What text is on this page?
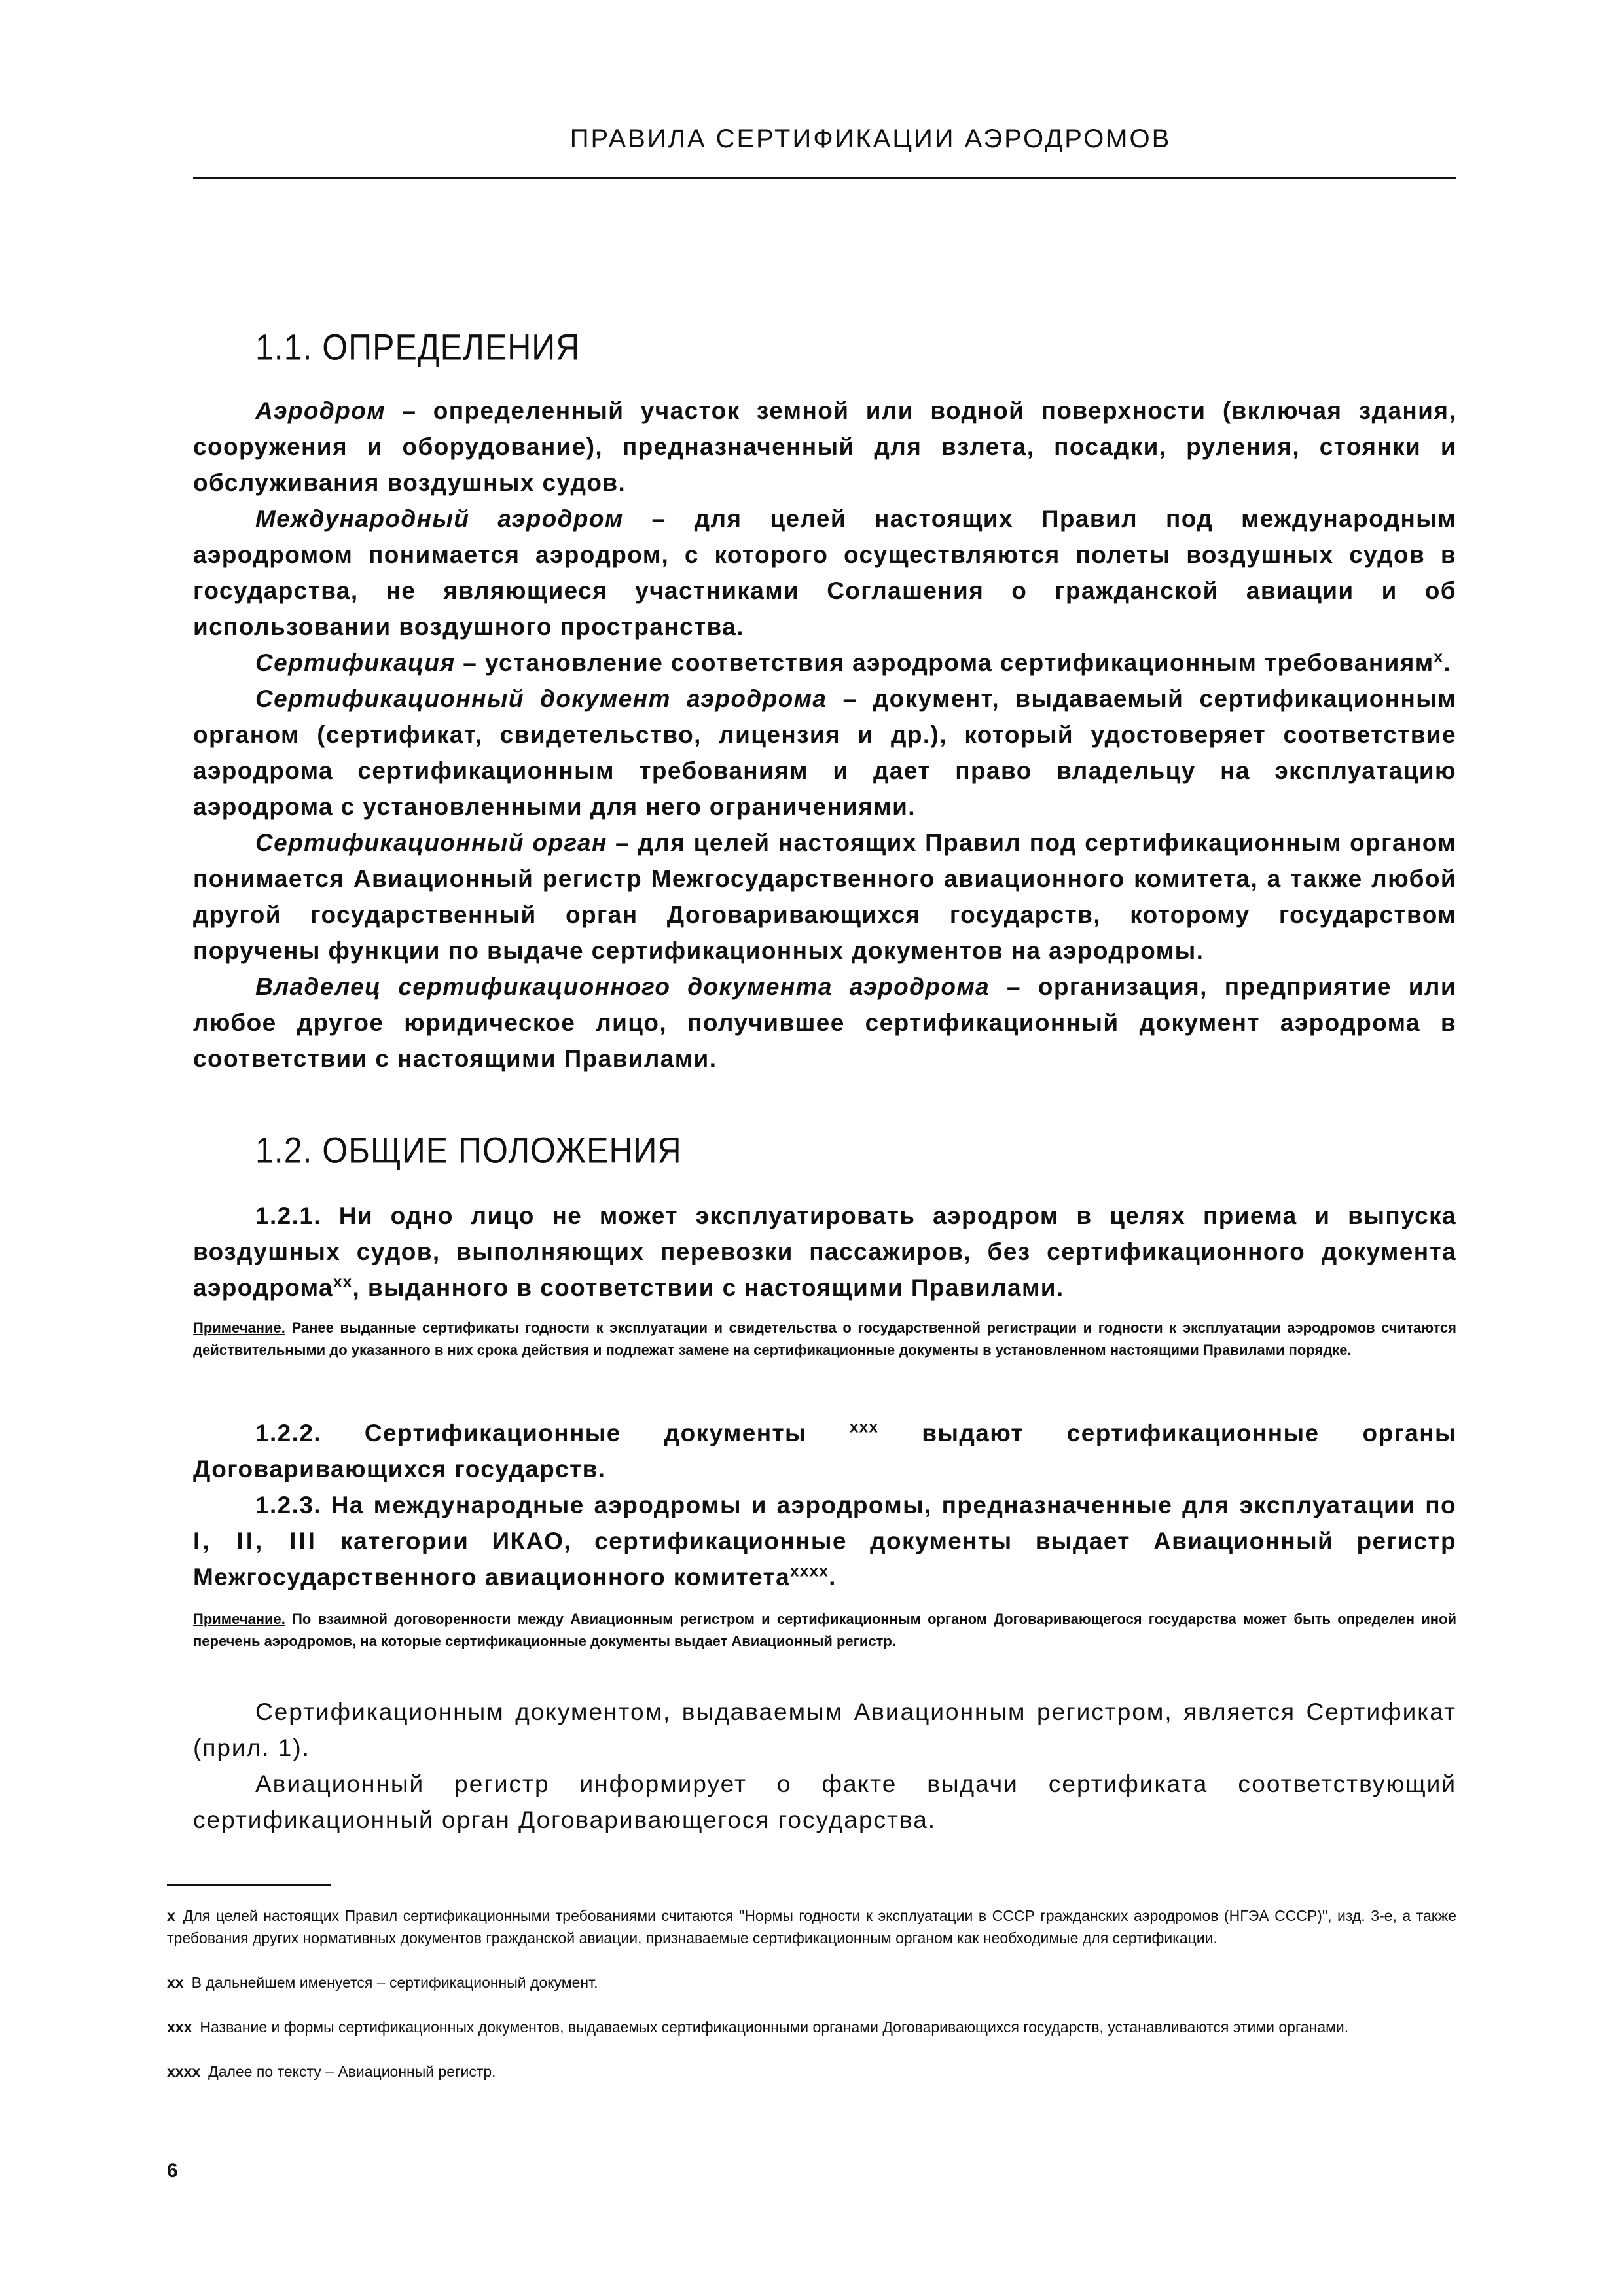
ПРАВИЛА СЕРТИФИКАЦИИ АЭРОДРОМОВ
1.1. ОПРЕДЕЛЕНИЯ

Аэродром – определенный участок земной или водной поверхности (включая здания, сооружения и оборудование), предназначенный для взлета, посадки, руления, стоянки и обслуживания воздушных судов.

Международный аэродром – для целей настоящих Правил под международным аэродромом понимается аэродром, с которого осуществляются полеты воздушных судов в государства, не являющиеся участниками Соглашения о гражданской авиации и об использовании воздушного пространства.

Сертификация – установление соответствия аэродрома сертификационным требованиям$^x$.

Сертификационный документ аэродрома – документ, выдаваемый сертификационным органом (сертификат, свидетельство, лицензия и др.), который удостоверяет соответствие аэродрома сертификационным требованиям и дает право владельцу на эксплуатацию аэродрома с установленными для него ограничениями.

Сертификационный орган – для целей настоящих Правил под сертификационным органом понимается Авиационный регистр Межгосударственного авиационного комитета, а также любой другой государственный орган Договаривающихся государств, которому государством поручены функции по выдаче сертификационных документов на аэродромы.

Владелец сертификационного документа аэродрома – организация, предприятие или любое другое юридическое лицо, получившее сертификационный документ аэродрома в соответствии с настоящими Правилами.

1.2. ОБЩИЕ ПОЛОЖЕНИЯ

1.2.1. Ни одно лицо не может эксплуатировать аэродром в целях приема и выпуска воздушных судов, выполняющих перевозки пассажиров, без сертификационного документа аэродрома$^{xx}$, выданного в соответствии с настоящими Правилами.

Примечание. Ранее выданные сертификаты годности к эксплуатации и свидетельства о государственной регистрации и годности к эксплуатации аэродромов считаются действительными до указанного в них срока действия и подлежат замене на сертификационные документы в установленном настоящими Правилами порядке.

1.2.2. Сертификационные документы	$^{xxx}$ выдают сертификационные органы Договаривающихся государств.

1.2.3. На международные аэродромы и аэродромы, предназначенные для эксплуатации по I, II, III категории ИКАО, сертификационные документы выдает Авиационный регистр Межгосударственного авиационного комитета$^{xxxx}$.

Примечание. По взаимной договоренности между Авиационным регистром и сертификационным органом Договаривающегося государства может быть определен иной перечень аэродромов, на которые сертификационные документы выдает Авиационный регистр.

Сертификационным документом, выдаваемым Авиационным регистром, является Сертификат (прил. 1).

Авиационный регистр информирует о факте выдачи сертификата соответствующий сертификационный орган Договаривающегося государства.

x Для целей настоящих Правил сертификационными требованиями считаются "Нормы годности к эксплуатации в СССР гражданских аэродромов (НГЭА СССР)", изд. 3-е, а также требования других нормативных документов гражданской авиации, признаваемые сертификационным органом как необходимые для сертификации.

xx В дальнейшем именуется – сертификационный документ.

xxx Название и формы сертификационных документов, выдаваемых сертификационными органами Договаривающихся государств, устанавливаются этими органами.

xxxx Далее по тексту – Авиационный регистр.

6
